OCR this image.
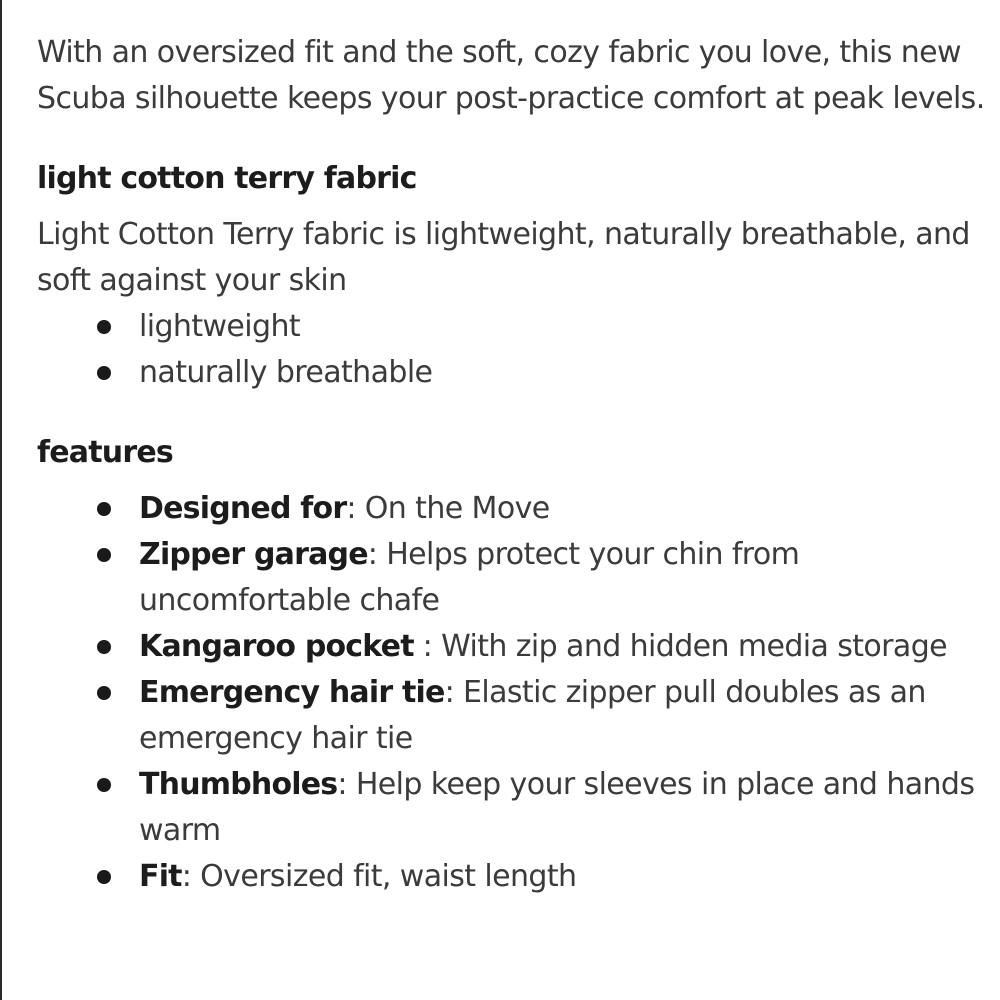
With an oversized fit and the soft, cozy fabric you love, this new Scuba silhouette keeps your post-practice comfort at peak levels.

light cotton terry fabric

Light Cotton Terry fabric is lightweight, naturally breathable, and soft against your skin

lightweight
naturally breathable
features
Designed for: On the Move
Zipper garage: Helps protect your chin from uncomfortable chafe
Kangaroo pocket : With zip and hidden media storage
Emergency hair tie: Elastic zipper pull doubles as an emergency hair tie
Thumbholes: Help keep your sleeves in place and hands warm
Fit: Oversized fit, waist length
